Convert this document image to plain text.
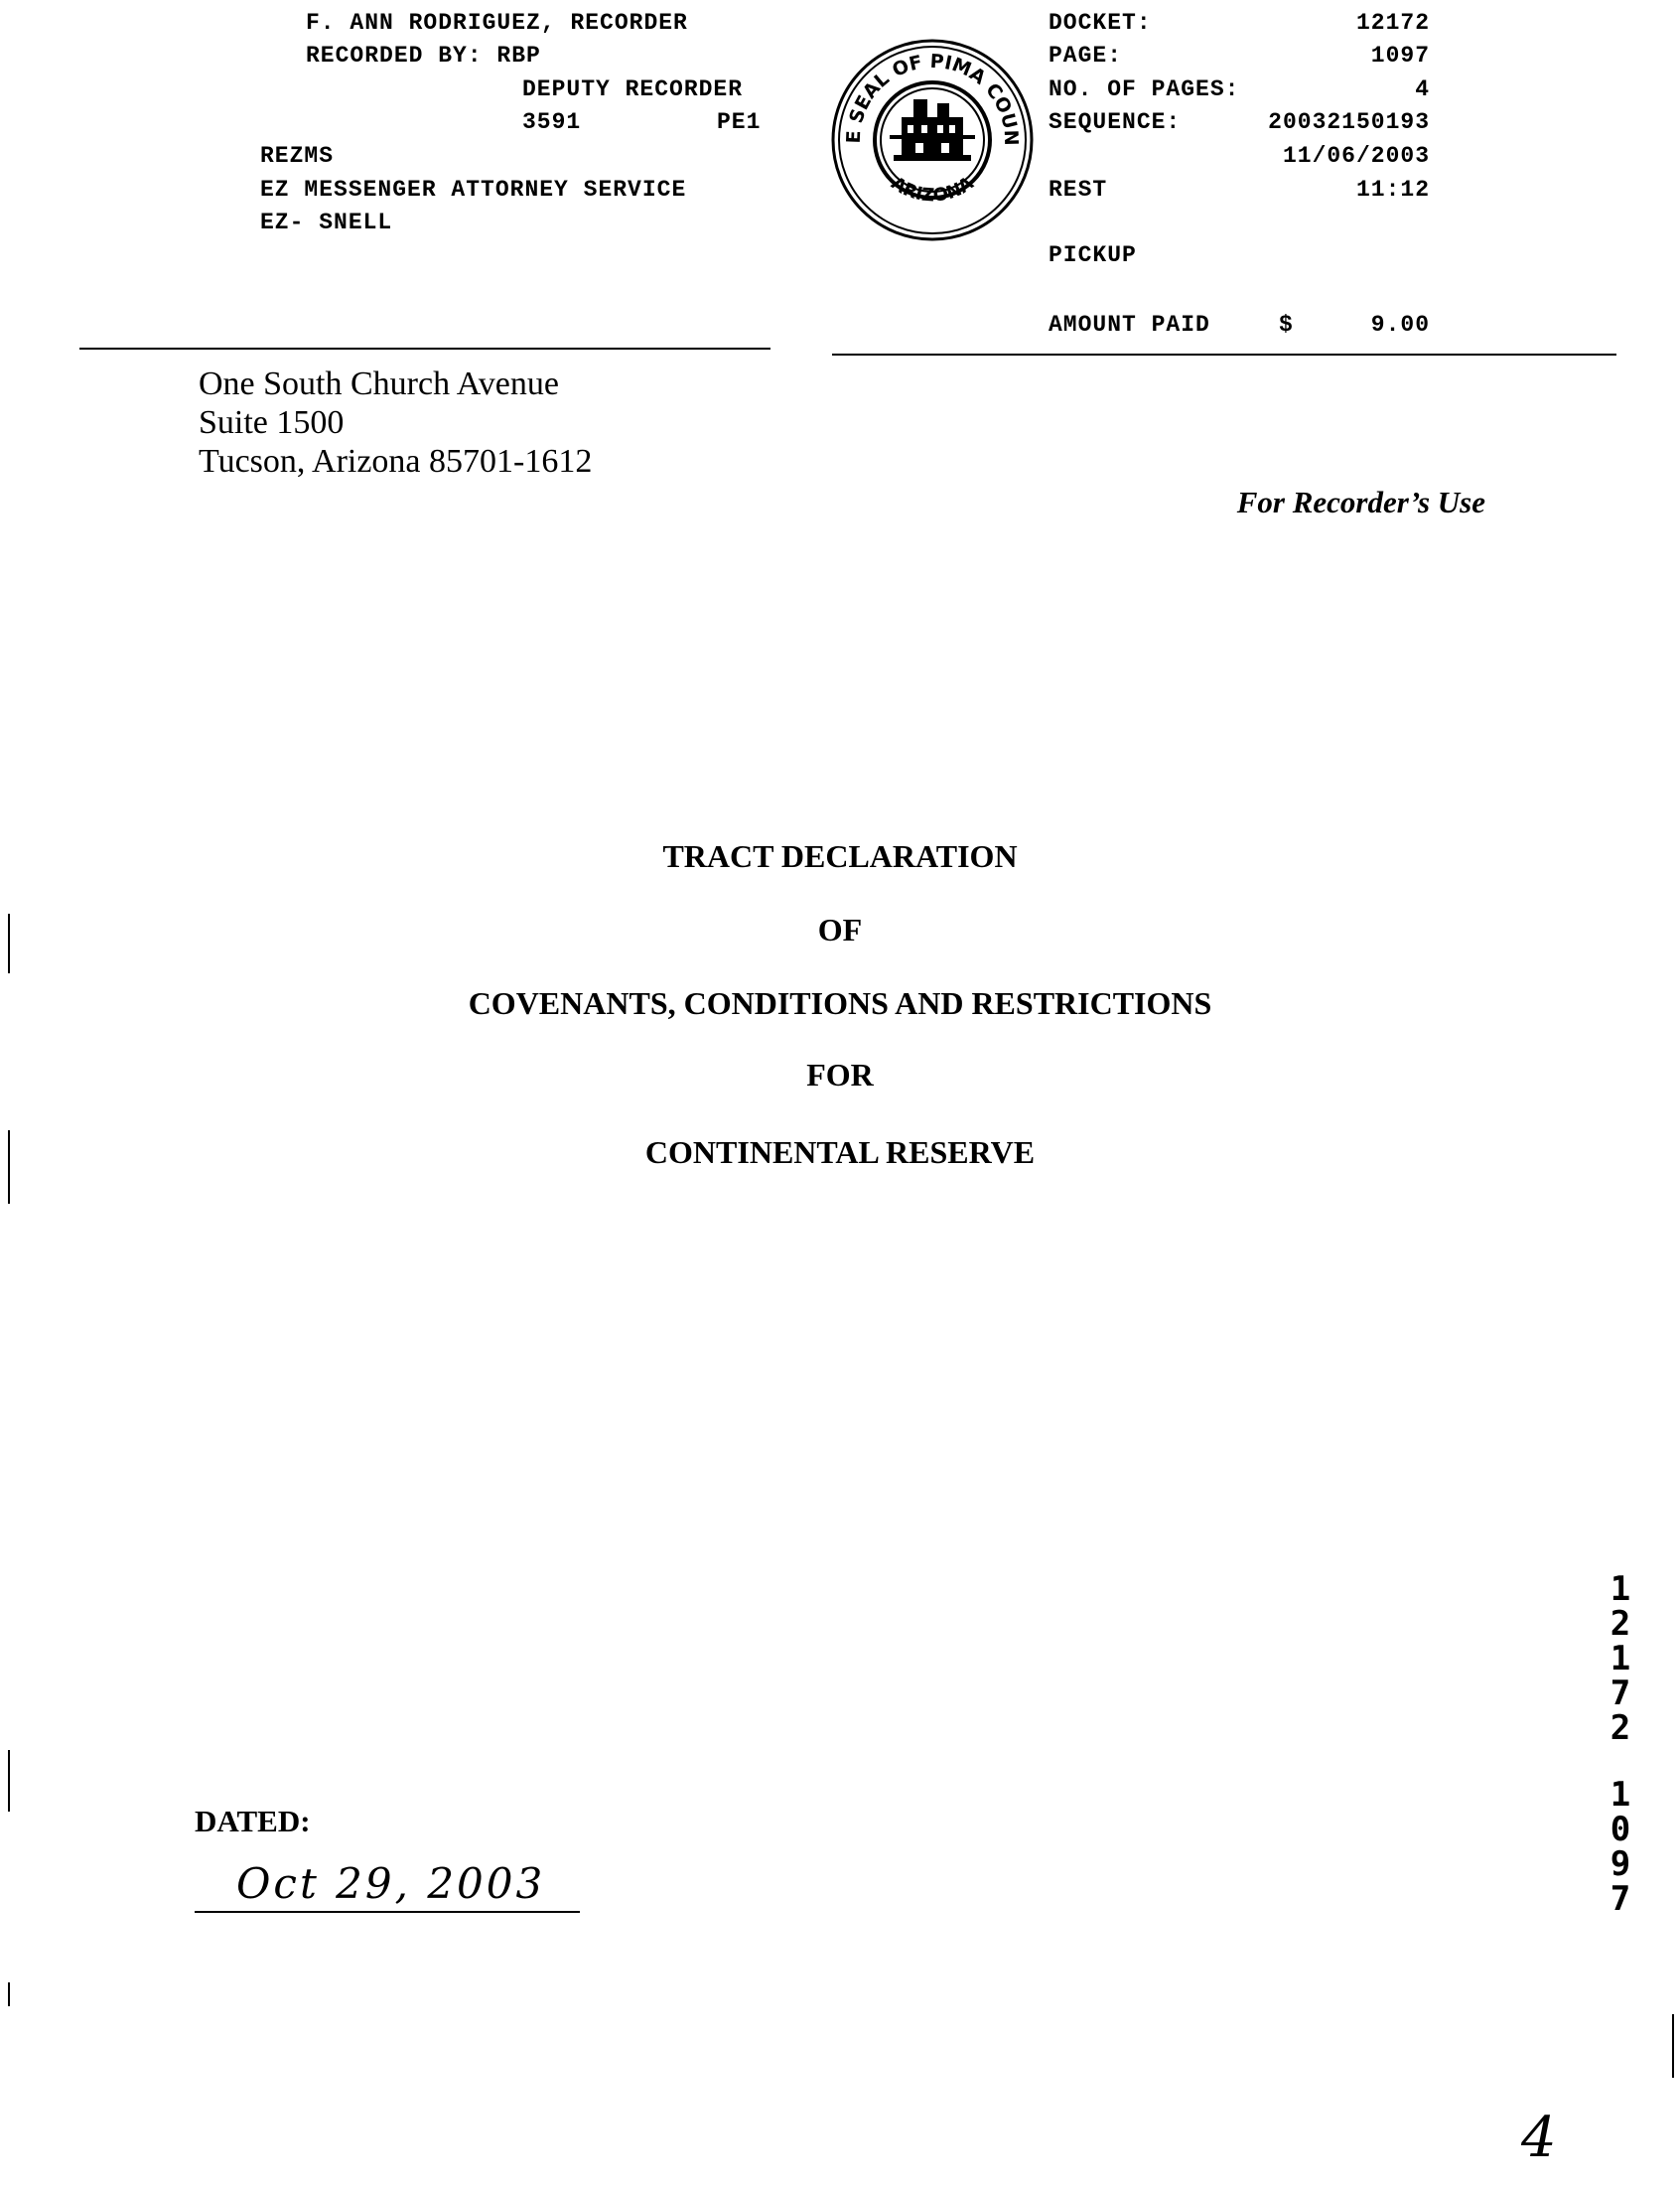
F. ANN RODRIGUEZ, RECORDER
RECORDED BY: RBP
DEPUTY RECORDER
3591	PE1
REZMS
EZ MESSENGER ATTORNEY SERVICE
EZ- SNELL
E SEAL OF PIMA COUN
ARIZONA
DOCKET:	12172
PAGE:	1097
NO. OF PAGES:	4
SEQUENCE:	20032150193
11/06/2003
REST	11:12
PICKUP
AMOUNT PAID	$	9.00
One South Church Avenue
Suite 1500
Tucson, Arizona 85701-1612
For Recorder’s Use
TRACT DECLARATION
OF
COVENANTS, CONDITIONS AND RESTRICTIONS
FOR
CONTINENTAL RESERVE
DATED:
Oct 29, 2003
1
2
1
7
2
1
0
9
7
4
